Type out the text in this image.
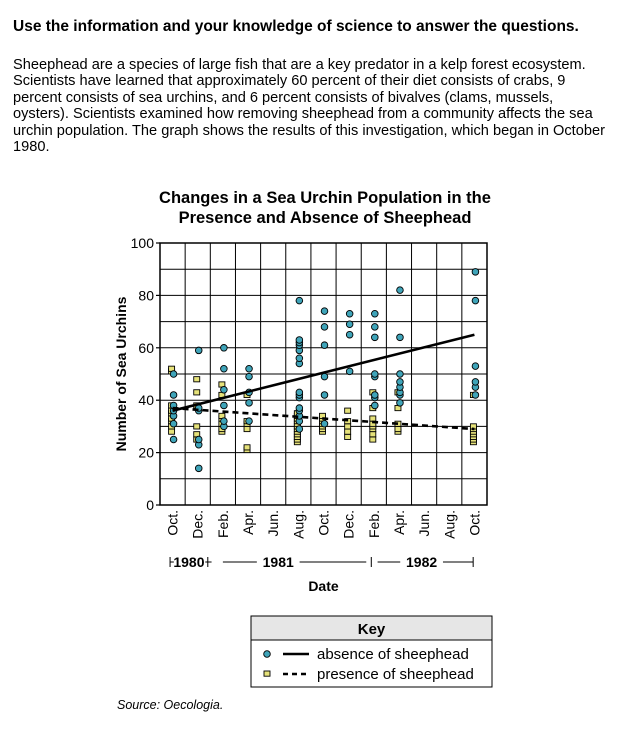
Use the information and your knowledge of science to answer the questions.
Sheephead are a species of large fish that are a key predator in a kelp forest ecosystem. Scientists have learned that approximately 60 percent of their diet consists of crabs, 9 percent consists of sea urchins, and 6 percent consists of bivalves (clams, mussels, oysters). Scientists examined how removing sheephead from a community affects the sea urchin population. The graph shows the results of this investigation, which began in October 1980.
Changes in a Sea Urchin Population in the Presence and Absence of Sheephead
0
20
40
60
80
100
Number of Sea Urchins
Oct. Dec. Feb. Apr. Jun. Aug. Oct. Dec. Feb. Apr. Jun. Aug. Oct.
1980	1981	1982
Date
Key
absence of sheephead
presence of sheephead
Source: Oecologia.
